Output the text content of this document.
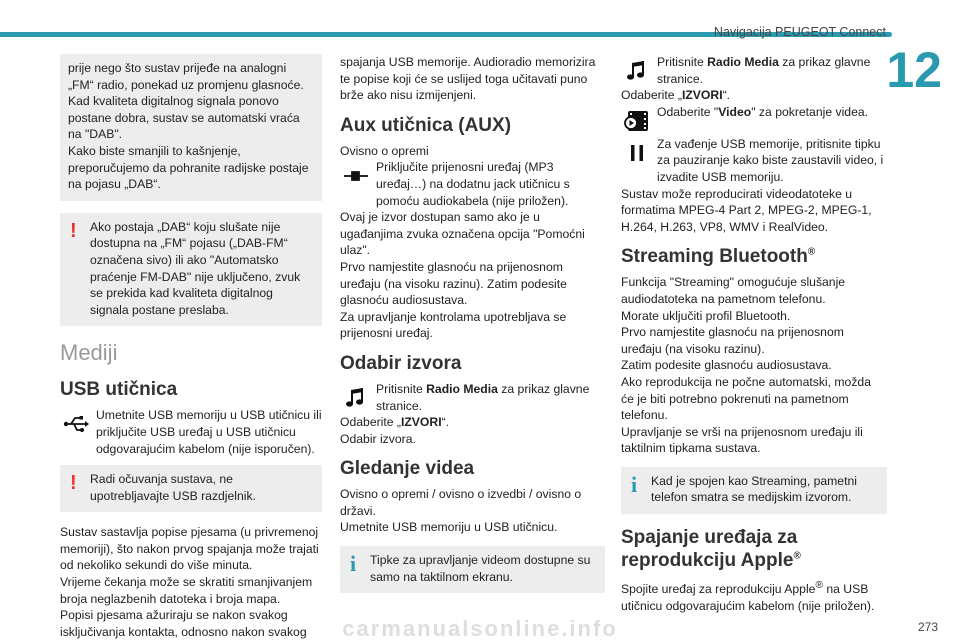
Navigacija PEUGEOT Connect
12

prije nego što sustav prijeđe na analogni „FM“ radio, ponekad uz promjenu glasnoće.

Kad kvaliteta digitalnog signala ponovo postane dobra, sustav se automatski vraća na "DAB".

Kako biste smanjili to kašnjenje, preporučujemo da pohranite radijske postaje na pojasu „DAB“.

! Ako postaja „DAB“ koju slušate nije dostupna na „FM“ pojasu („DAB-FM“ označena sivo) ili ako "Automatsko praćenje FM-DAB" nije uključeno, zvuk se prekida kad kvaliteta digitalnog signala postane preslaba.

Mediji
USB utičnica

Umetnite USB memoriju u USB utičnicu ili priključite USB uređaj u USB utičnicu odgovarajućim kabelom (nije isporučen).

! Radi očuvanja sustava, ne upotrebljavajte USB razdjelnik.

Sustav sastavlja popise pjesama (u privremenoj memoriji), što nakon prvog spajanja može trajati od nekoliko sekundi do više minuta.

Vrijeme čekanja može se skratiti smanjivanjem broja neglazbenih datoteka i broja mapa.

Popisi pjesama ažuriraju se nakon svakog isključivanja kontakta, odnosno nakon svakog

spajanja USB memorije. Audioradio memorizira te popise koji će se uslijed toga učitavati puno brže ako nisu izmijenjeni.

Aux utičnica (AUX)

Ovisno o opremi

Priključite prijenosni uređaj (MP3 uređaj…) na dodatnu jack utičnicu s pomoću audiokabela (nije priložen).

Ovaj je izvor dostupan samo ako je u ugađanjima zvuka označena opcija "Pomoćni ulaz".

Prvo namjestite glasnoću na prijenosnom uređaju (na visoku razinu). Zatim podesite glasnoću audiosustava.

Za upravljanje kontrolama upotrebljava se prijenosni uređaj.

Odabir izvora

Pritisnite Radio Media za prikaz glavne stranice.

Odaberite „IZVORI“.

Odabir izvora.

Gledanje videa

Ovisno o opremi / ovisno o izvedbi / ovisno o državi.

Umetnite USB memoriju u USB utičnicu.

i Tipke za upravljanje videom dostupne su samo na taktilnom ekranu.

Pritisnite Radio Media za prikaz glavne stranice.

Odaberite „IZVORI“.

Odaberite "Video" za pokretanje videa.

Za vađenje USB memorije, pritisnite tipku za pauziranje kako biste zaustavili video, i izvadite USB memoriju.

Sustav može reproducirati videodatoteke u formatima MPEG-4 Part 2, MPEG-2, MPEG-1, H.264, H.263, VP8, WMV i RealVideo.

Streaming Bluetooth®

Funkcija "Streaming" omogućuje slušanje audiodatoteka na pametnom telefonu.

Morate uključiti profil Bluetooth.

Prvo namjestite glasnoću na prijenosnom uređaju (na visoku razinu).

Zatim podesite glasnoću audiosustava.

Ako reprodukcija ne počne automatski, možda će je biti potrebno pokrenuti na pametnom telefonu.

Upravljanje se vrši na prijenosnom uređaju ili taktilnim tipkama sustava.

i Kad je spojen kao Streaming, pametni telefon smatra se medijskim izvorom.

Spajanje uređaja za reprodukciju Apple®

Spojite uređaj za reprodukciju Apple® na USB utičnicu odgovarajućim kabelom (nije priložen).

carmanualsonline.info	273
